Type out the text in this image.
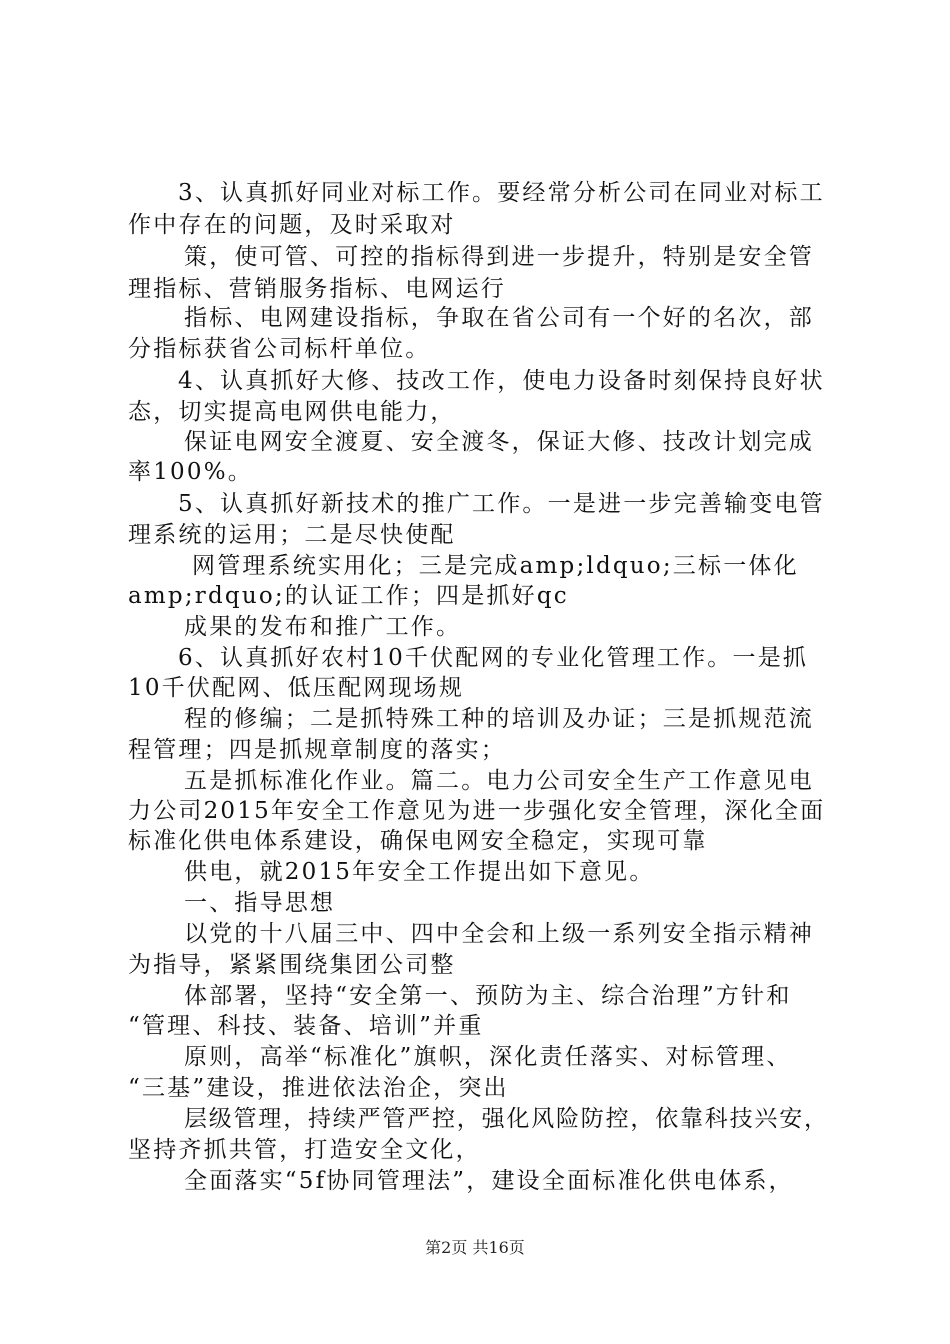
3、认真抓好同业对标工作。要经常分析公司在同业对标工
作中存在的问题，及时采取对
策，使可管、可控的指标得到进一步提升，特别是安全管
理指标、营销服务指标、电网运行
指标、电网建设指标，争取在省公司有一个好的名次，部
分指标获省公司标杆单位。
4、认真抓好大修、技改工作，使电力设备时刻保持良好状
态，切实提高电网供电能力，
保证电网安全渡夏、安全渡冬，保证大修、技改计划完成
率100%。
5、认真抓好新技术的推广工作。一是进一步完善输变电管
理系统的运用；二是尽快使配
网管理系统实用化；三是完成amp;ldquo;三标一体化
amp;rdquo;的认证工作；四是抓好qc
成果的发布和推广工作。
6、认真抓好农村10千伏配网的专业化管理工作。一是抓
10千伏配网、低压配网现场规
程的修编；二是抓特殊工种的培训及办证；三是抓规范流
程管理；四是抓规章制度的落实；
五是抓标准化作业。篇二。电力公司安全生产工作意见电
力公司2015年安全工作意见为进一步强化安全管理，深化全面
标准化供电体系建设，确保电网安全稳定，实现可靠
供电，就2015年安全工作提出如下意见。
一、指导思想
以党的十八届三中、四中全会和上级一系列安全指示精神
为指导，紧紧围绕集团公司整
体部署，坚持“安全第一、预防为主、综合治理”方针和
“管理、科技、装备、培训”并重
原则，高举“标准化”旗帜，深化责任落实、对标管理、
“三基”建设，推进依法治企，突出
层级管理，持续严管严控，强化风险防控，依靠科技兴安，
坚持齐抓共管，打造安全文化，
全面落实“5f协同管理法”，建设全面标准化供电体系，
第2页 共16页
